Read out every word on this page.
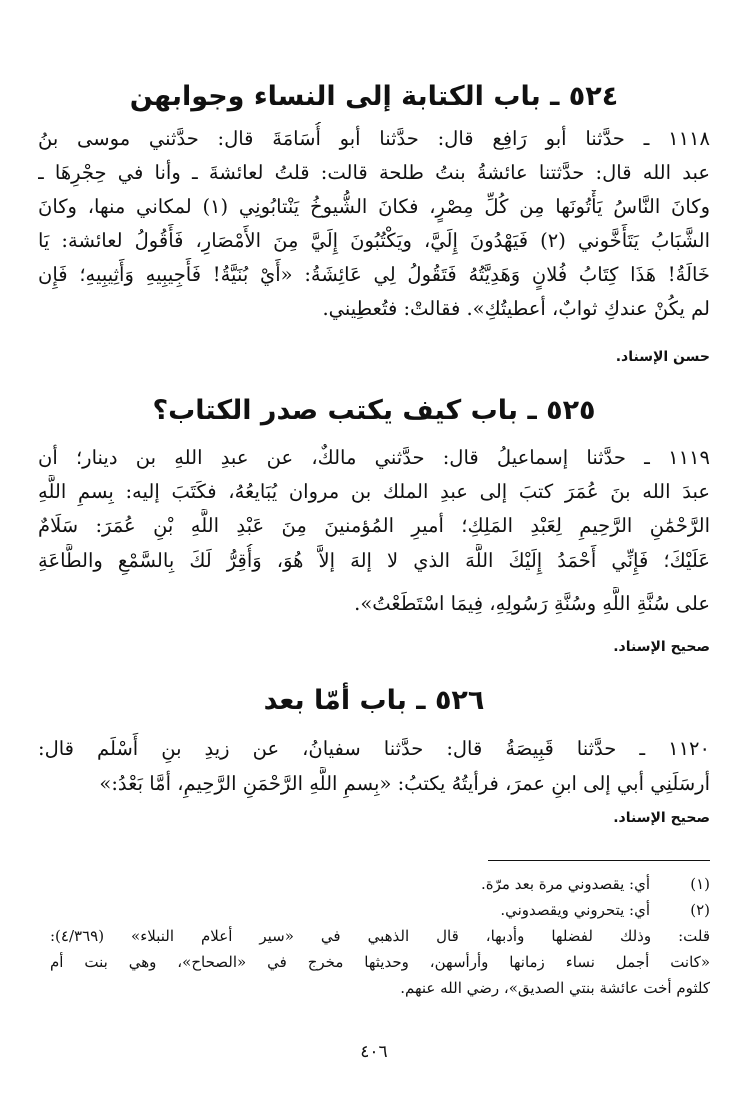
٥٢٤ ـ باب الكتابة إلى النساء وجوابهن
١١١٨ ـ حدَّثنا أبو رَافِع قال: حدَّثنا أبو أُسَامَةَ قال: حدَّثني موسى بنُ
عبد الله قال: حدَّثتنا عائشةُ بنتُ طلحة قالت: قلتُ لعائشةَ ـ وأنا في حِجْرِهَا ـ
وكانَ النَّاسُ يَأْتُونَها مِن كُلِّ مِصْرٍ، فكانَ الشُّيوخُ يَنْتابُونِي (١) لمكاني منها، وكانَ
الشَّبَابُ يَتَأَخَّوني (٢) فَيَهْدُونَ إِلَيَّ، ويَكْتُبُونَ إِلَيَّ مِنَ الأَمْصَارِ، فَأَقُولُ لعائشة: يَا
خَالَةُ! هَذَا كِتَابُ فُلانٍ وَهَدِيَّتُهُ فَتَقُولُ لِي عَائِشَةُ: «أَيْ بُنَيَّةُ! فَأَجِيبِيهِ وَأَثِيبِيهِ؛ فَإِن
لم يكُنْ عندكِ ثوابٌ، أعطيتُكِ». فقالتْ: فتُعطِيني.
حسن الإسناد.
٥٢٥ ـ باب كيف يكتب صدر الكتاب؟
١١١٩ ـ حدَّثنا إسماعيلُ قال: حدَّثني مالكٌ، عن عبدِ اللهِ بن دينار؛ أن
عبدَ الله بنَ عُمَرَ كتبَ إلى عبدِ الملك بن مروان يُبَايعُهُ، فكَتَبَ إليه: بِسمِ اللَّهِ
الرَّحْمَٰنِ الرَّحِيمِ لِعَبْدِ المَلِكِ؛ أميرِ المُؤمنينَ مِنَ عَبْدِ اللَّهِ بْنِ عُمَرَ: سَلَامٌ
عَلَيْكَ؛ فَإِنِّي أَحْمَدُ إِلَيْكَ اللَّهَ الذي لا إلهَ إلاَّ هُوَ، وَأُقِرُّ لَكَ بِالسَّمْعِ والطَّاعَةِ
على سُنَّةِ اللَّهِ وسُنَّةِ رَسُولِهِ، فِيمَا اسْتَطَعْتُ».
صحيح الإسناد.
٥٢٦ ـ باب أمّا بعد
١١٢٠ ـ حدَّثنا قَبِيصَةُ قال: حدَّثنا سفيانُ، عن زيدِ بنِ أَسْلَم قال:
أرسَلَنِي أبي إلى ابنِ عمرَ، فرأيتُهُ يكتبُ: «بِسمِ اللَّهِ الرَّحْمَنِ الرَّحِيمِ، أمَّا بَعْدُ:»
صحيح الإسناد.
(١)
أي: يقصدوني مرة بعد مرّة.
(٢)
أي: يتحروني ويقصدوني.
قلت: وذلك لفضلها وأدبها، قال الذهبي في «سير أعلام النبلاء» (٤/٣٦٩):
«كانت أجمل نساء زمانها وأرأسهن، وحديثها مخرج في «الصحاح»، وهي بنت أم
كلثوم أخت عائشة بنتي الصديق»، رضي الله عنهم.
٤٠٦
